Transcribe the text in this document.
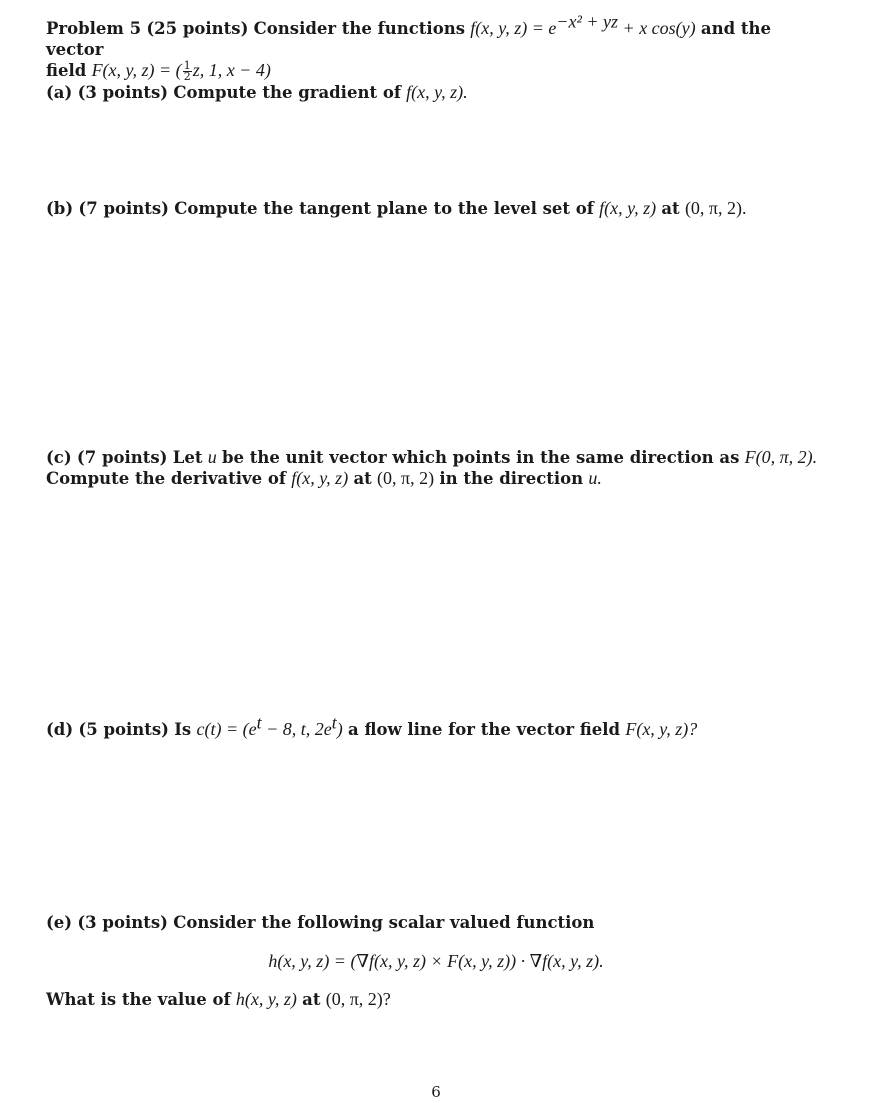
Problem 5 (25 points) Consider the functions f(x, y, $z) = e^{-x^2 + yz} + x$ cos(y) and the vector
field F(x, y, z) = ( $\frac{1}{2} z$, 1, x − 4)
(a) (3 points) Compute the gradient of f(x, y, z).
(b) (7 points) Compute the tangent plane to the level set of f(x, y, z) at (0, π, 2).
(c) (7 points) Let u be the unit vector which points in the same direction as F(0, π, 2).
Compute the derivative of f(x, y, z) at (0, π, 2) in the direction u.
(d) (5 points) Is $c(t) = (e^t - 8$, t, $2e^t$) a flow line for the vector field F(x, y, z)?
(e) (3 points) Consider the following scalar valued function
h(x, y, z) = (∇f(x, y, z) × F(x, y, z)) · ∇f(x, y, z).
What is the value of h(x, y, z) at (0, π, 2)?
6
